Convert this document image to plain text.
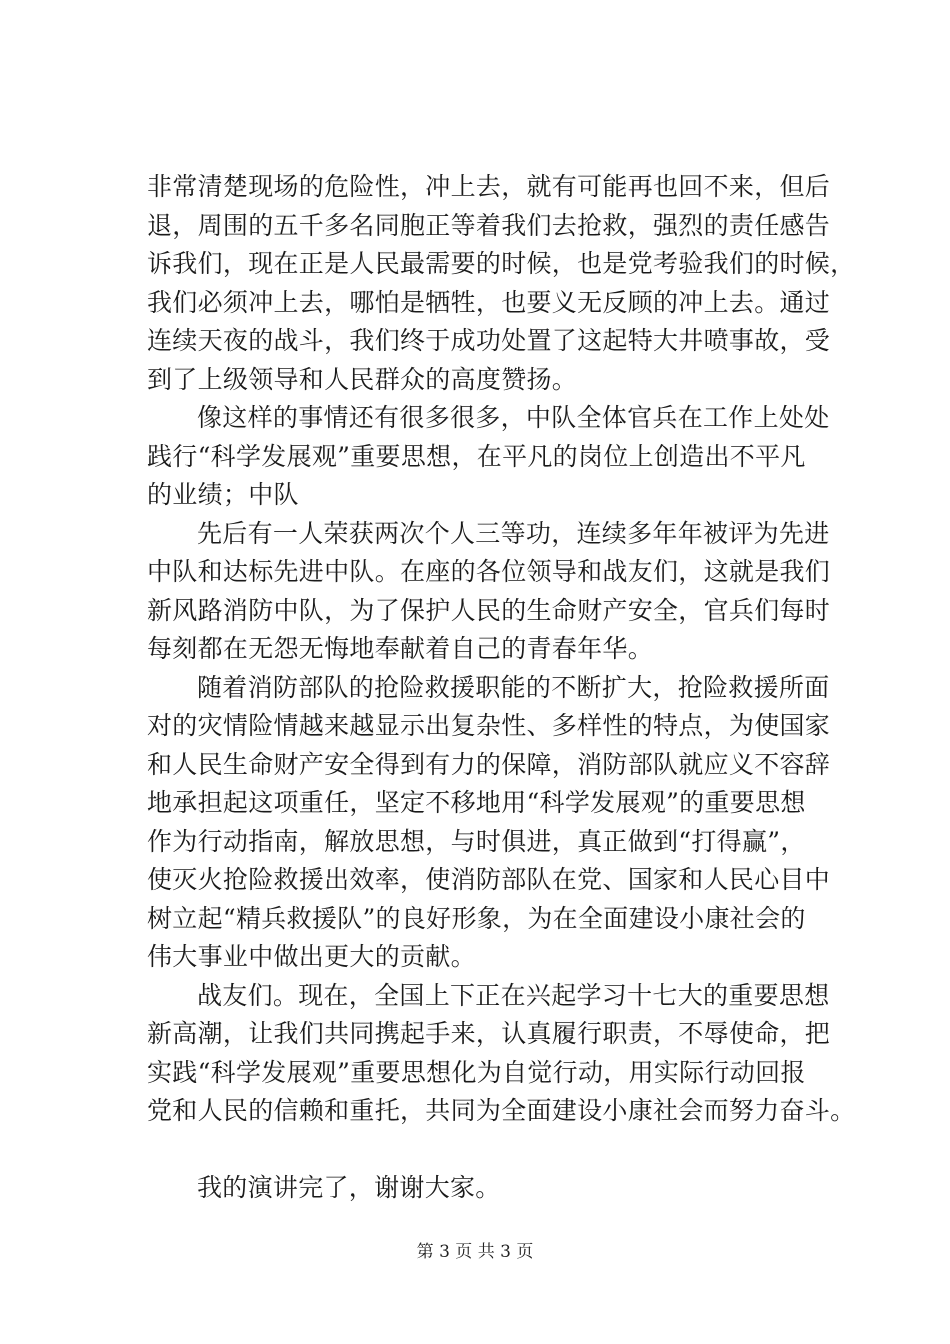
非常清楚现场的危险性，冲上去，就有可能再也回不来，但后
退，周围的五千多名同胞正等着我们去抢救，强烈的责任感告
诉我们，现在正是人民最需要的时候，也是党考验我们的时候，
我们必须冲上去，哪怕是牺牲，也要义无反顾的冲上去。通过
连续天夜的战斗，我们终于成功处置了这起特大井喷事故，受
到了上级领导和人民群众的高度赞扬。
像这样的事情还有很多很多，中队全体官兵在工作上处处
践行“科学发展观”重要思想，在平凡的岗位上创造出不平凡
的业绩；中队
先后有一人荣获两次个人三等功，连续多年年被评为先进
中队和达标先进中队。在座的各位领导和战友们，这就是我们
新风路消防中队，为了保护人民的生命财产安全，官兵们每时
每刻都在无怨无悔地奉献着自己的青春年华。
随着消防部队的抢险救援职能的不断扩大，抢险救援所面
对的灾情险情越来越显示出复杂性、多样性的特点，为使国家
和人民生命财产安全得到有力的保障，消防部队就应义不容辞
地承担起这项重任，坚定不移地用“科学发展观”的重要思想
作为行动指南，解放思想，与时俱进，真正做到“打得赢”，
使灭火抢险救援出效率，使消防部队在党、国家和人民心目中
树立起“精兵救援队”的良好形象，为在全面建设小康社会的
伟大事业中做出更大的贡献。
战友们。现在，全国上下正在兴起学习十七大的重要思想
新高潮，让我们共同携起手来，认真履行职责，不辱使命，把
实践“科学发展观”重要思想化为自觉行动，用实际行动回报
党和人民的信赖和重托，共同为全面建设小康社会而努力奋斗。
我的演讲完了，谢谢大家。
第 3 页 共 3 页
